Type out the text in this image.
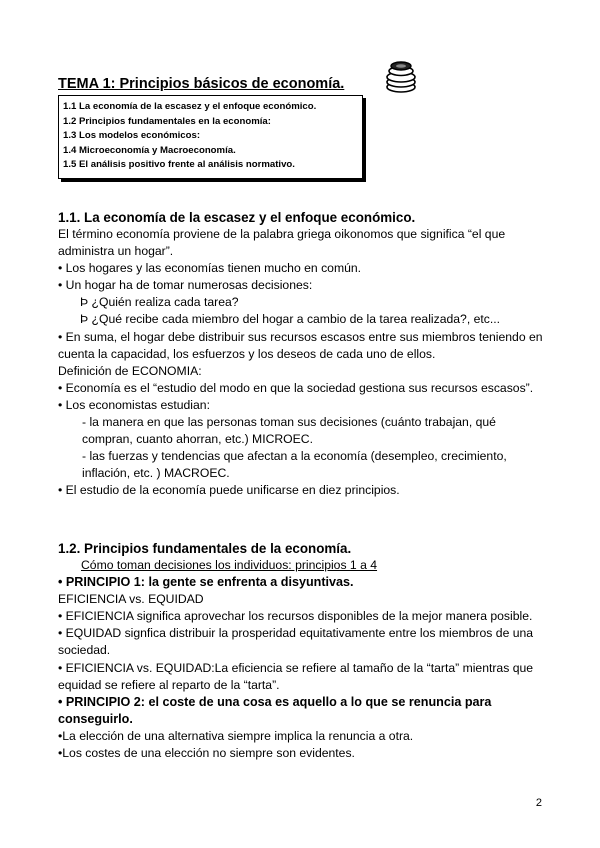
TEMA 1: Principios básicos de economía.
1.1 La economía de la escasez y el enfoque económico.
1.2 Principios fundamentales en la economía:
1.3 Los modelos económicos:
1.4 Microeconomía y Macroeconomía.
1.5 El análisis positivo frente al análisis normativo.
1.1. La economía de la escasez y el enfoque económico.

El término economía proviene de la palabra griega oikonomos que significa “el que administra un hogar”.

• Los hogares y las economías tienen mucho en común.

• Un hogar ha de tomar numerosas decisiones:

Þ ¿Quién realiza cada tarea?

Þ ¿Qué recibe cada miembro del hogar a cambio de la tarea realizada?, etc...

• En suma, el hogar debe distribuir sus recursos escasos entre sus miembros teniendo en cuenta la capacidad, los esfuerzos y los deseos de cada uno de ellos.

Definición de ECONOMIA:

• Economía es el “estudio del modo en que la sociedad gestiona sus recursos escasos”.

• Los economistas estudian:

- la manera en que las personas toman sus decisiones (cuánto trabajan, qué compran, cuanto ahorran, etc.) MICROEC.

- las fuerzas y tendencias que afectan a la economía (desempleo, crecimiento, inflación, etc. ) MACROEC.

• El estudio de la economía puede unificarse en diez principios.

1.2. Principios fundamentales de la economía.

Cómo toman decisiones los individuos: principios 1 a 4

• PRINCIPIO 1: la gente se enfrenta a disyuntivas.

EFICIENCIA vs. EQUIDAD

• EFICIENCIA significa aprovechar los recursos disponibles de la mejor manera posible.

• EQUIDAD signfica distribuir la prosperidad equitativamente entre los miembros de una sociedad.

• EFICIENCIA vs. EQUIDAD:La eficiencia se refiere al tamaño de la “tarta” mientras que equidad se refiere al reparto de la “tarta”.

• PRINCIPIO 2: el coste de una cosa es aquello a lo que se renuncia para conseguirlo.

•La elección de una alternativa siempre implica la renuncia a otra.

•Los costes de una elección no siempre son evidentes.

2
